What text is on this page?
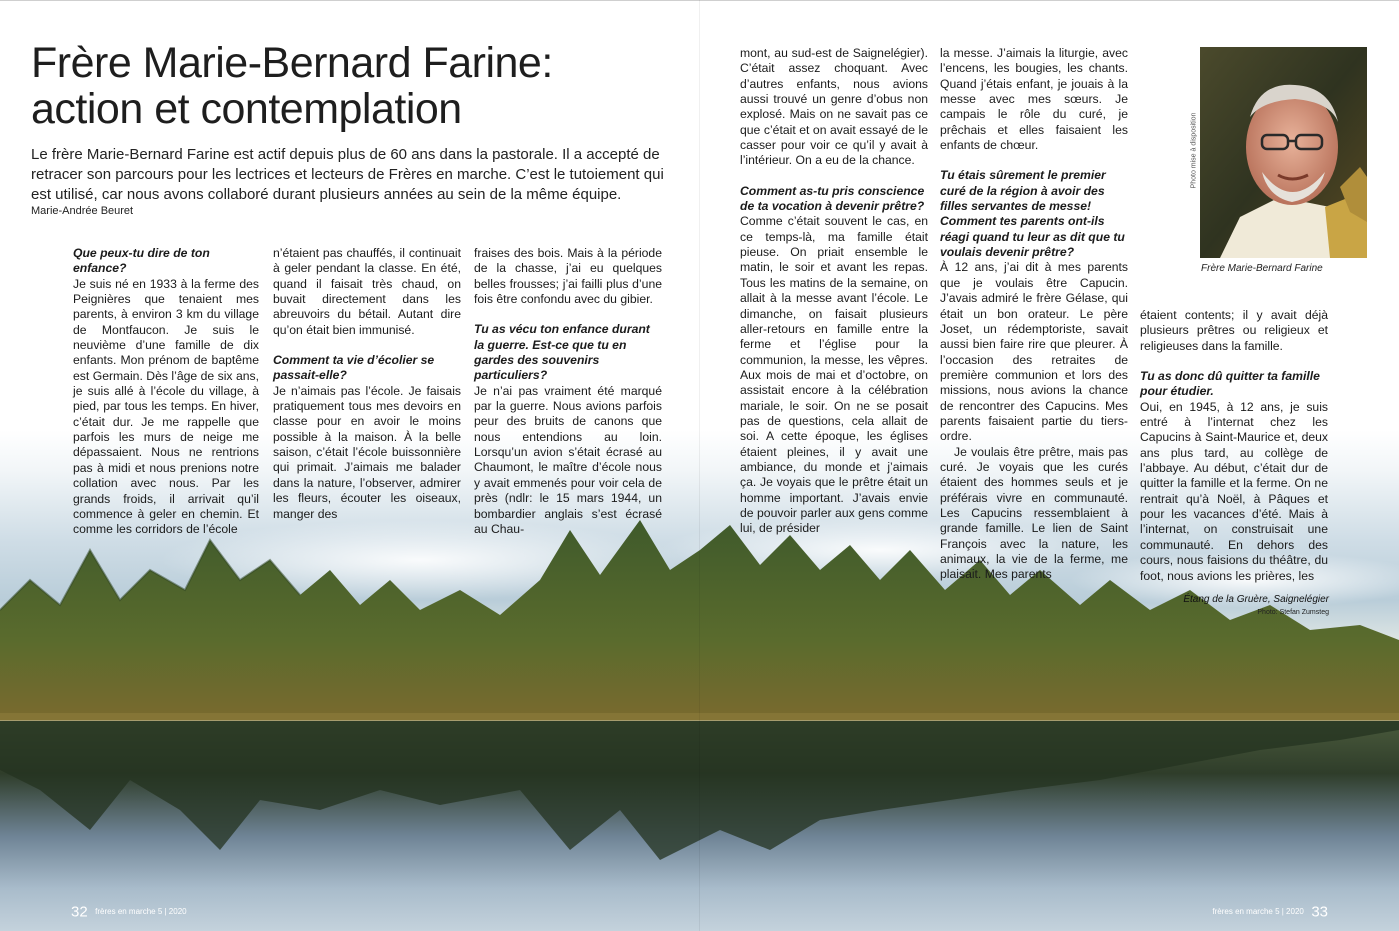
Frère Marie-Bernard Farine:
action et contemplation

Le frère Marie-Bernard Farine est actif depuis plus de 60 ans dans la pastorale. Il a accepté de retracer son parcours pour les lectrices et lecteurs de Frères en marche. C’est le tutoiement qui est utilisé, car nous avons collaboré durant plusieurs années au sein de la même équipe.

Marie-Andrée Beuret

Que peux-tu dire de ton enfance?

Je suis né en 1933 à la ferme des Peignières que tenaient mes parents, à environ 3 km du village de Montfaucon. Je suis le neuvième d’une famille de dix enfants. Mon prénom de baptême est Germain. Dès l’âge de six ans, je suis allé à l’école du village, à pied, par tous les temps. En hiver, c’était dur. Je me rappelle que parfois les murs de neige me dépassaient. Nous ne rentrions pas à midi et nous prenions notre collation avec nous. Par les grands froids, il arrivait qu’il commence à geler en chemin. Et comme les corridors de l’école

n’étaient pas chauffés, il continuait à geler pendant la classe. En été, quand il faisait très chaud, on buvait directement dans les abreuvoirs du bétail. Autant dire qu’on était bien immunisé.

Comment ta vie d’écolier se passait-elle?

Je n’aimais pas l’école. Je faisais pratiquement tous mes devoirs en classe pour en avoir le moins possible à la maison. À la belle saison, c’était l’école buissonnière qui primait. J’aimais me balader dans la nature, l’observer, admirer les fleurs, écouter les oiseaux, manger des

fraises des bois. Mais à la période de la chasse, j’ai eu quelques belles frousses; j’ai failli plus d’une fois être confondu avec du gibier.

Tu as vécu ton enfance durant la guerre. Est-ce que tu en gardes des souvenirs particuliers?

Je n’ai pas vraiment été marqué par la guerre. Nous avions parfois peur des bruits de canons que nous entendions au loin. Lorsqu’un avion s’était écrasé au Chaumont, le maître d’école nous y avait emmenés pour voir cela de près (ndlr: le 15 mars 1944, un bombardier anglais s’est écrasé au Chau-

mont, au sud-est de Saignelégier). C’était assez choquant. Avec d’autres enfants, nous avions aussi trouvé un genre d’obus non explosé. Mais on ne savait pas ce que c’était et on avait essayé de le casser pour voir ce qu’il y avait à l’intérieur. On a eu de la chance.

Comment as-tu pris conscience de ta vocation à devenir prêtre?

Comme c’était souvent le cas, en ce temps-là, ma famille était pieuse. On priait ensemble le matin, le soir et avant les repas. Tous les matins de la semaine, on allait à la messe avant l’école. Le dimanche, on faisait plusieurs aller-retours en famille entre la ferme et l’église pour la communion, la messe, les vêpres. Aux mois de mai et d’octobre, on assistait encore à la célébration mariale, le soir. On ne se posait pas de questions, cela allait de soi. A cette époque, les églises étaient pleines, il y avait une ambiance, du monde et j’aimais ça. Je voyais que le prêtre était un homme important. J’avais envie de pouvoir parler aux gens comme lui, de présider

la messe. J’aimais la liturgie, avec l’encens, les bougies, les chants. Quand j’étais enfant, je jouais à la messe avec mes sœurs. Je campais le rôle du curé, je prêchais et elles faisaient les enfants de chœur.

Tu étais sûrement le premier curé de la région à avoir des filles servantes de messe! Comment tes parents ont-ils réagi quand tu leur as dit que tu voulais devenir prêtre?

À 12 ans, j’ai dit à mes parents que je voulais être Capucin. J’avais admiré le frère Gélase, qui était un bon orateur. Le père Joset, un rédemptoriste, savait aussi bien faire rire que pleurer. À l’occasion des retraites de première communion et lors des missions, nous avions la chance de rencontrer des Capucins. Mes parents faisaient partie du tiers-ordre.

Je voulais être prêtre, mais pas curé. Je voyais que les curés étaient des hommes seuls et je préférais vivre en communauté. Les Capucins ressemblaient à grande famille. Le lien de Saint François avec la nature, les animaux, la vie de la ferme, me plaisait. Mes parents

étaient contents; il y avait déjà plusieurs prêtres ou religieux et religieuses dans la famille.

Tu as donc dû quitter ta famille pour étudier.

Oui, en 1945, à 12 ans, je suis entré à l’internat chez les Capucins à Saint-Maurice et, deux ans plus tard, au collège de l’abbaye. Au début, c’était dur de quitter la famille et la ferme. On ne rentrait qu’à Noël, à Pâques et pour les vacances d’été. Mais à l’internat, on construisait une communauté. En dehors des cours, nous faisions du théâtre, du foot, nous avions les prières, les

Photo mise à disposition
Frère Marie-Bernard Farine
Étang de la Gruère, Saignelégier
Photo: Stefan Zumsteg
32 frères en marche 5 | 2020	frères en marche 5 | 2020 33
